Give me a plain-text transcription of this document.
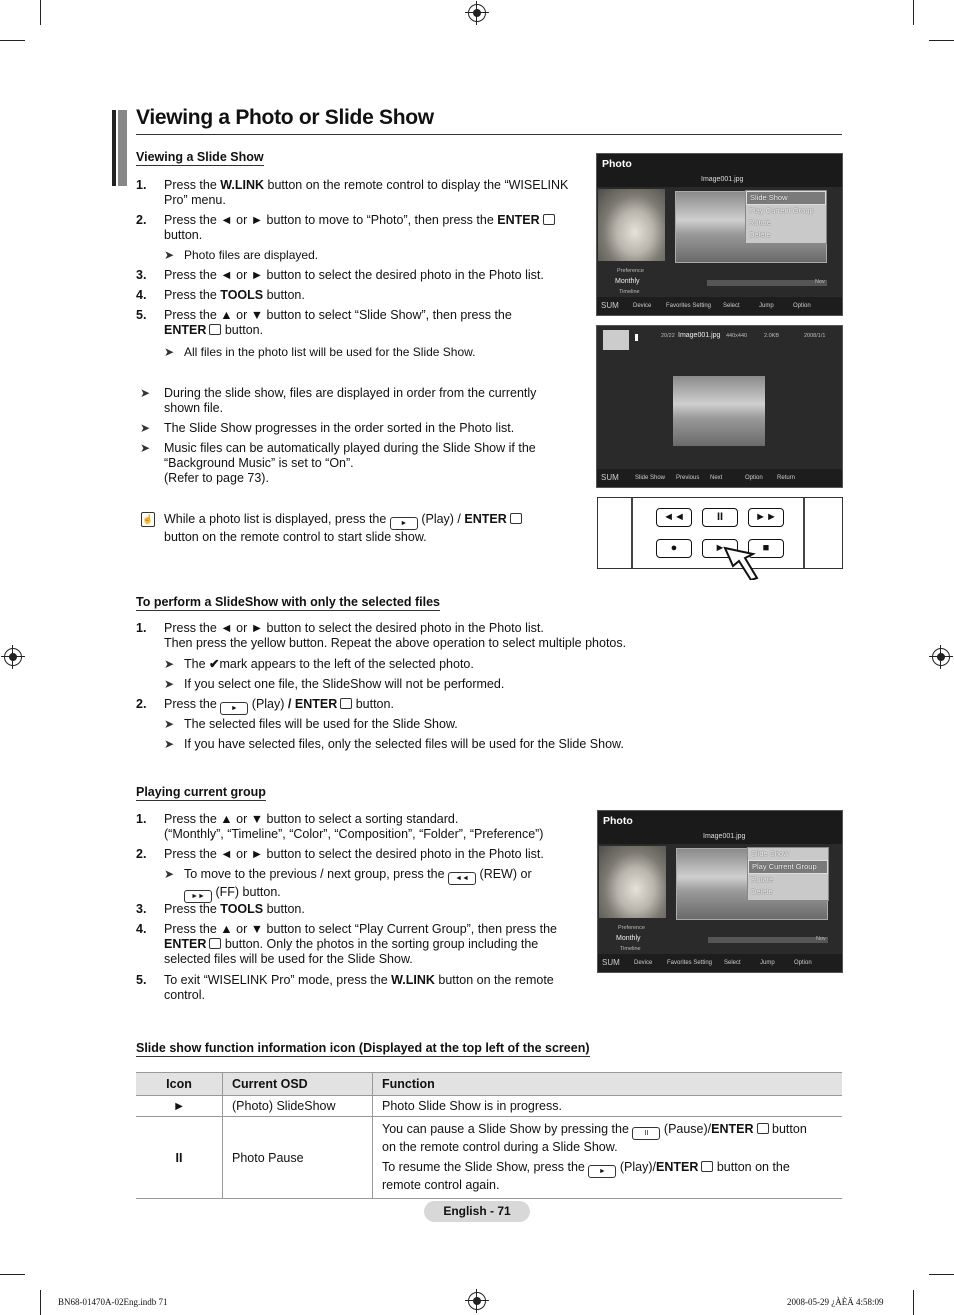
Viewing a Photo or Slide Show
Viewing a Slide Show
1. Press the W.LINK button on the remote control to display the “WISELINK
Pro” menu.
2. Press the ◄ or ► button to move to “Photo”, then press the ENTER
button.
➤ Photo files are displayed.
3. Press the ◄ or ► button to select the desired photo in the Photo list.
4. Press the TOOLS button.
5. Press the ▲ or ▼ button to select “Slide Show”, then press the
ENTER button.
➤ All files in the photo list will be used for the Slide Show.
➤ During the slide show, files are displayed in order from the currently
shown file.
➤ The Slide Show progresses in the order sorted in the Photo list.
➤ Music files can be automatically played during the Slide Show if the
“Background Music” is set to “On”.
(Refer to page 73).
☝ While a photo list is displayed, press the ► (Play) / ENTER
button on the remote control to start slide show.
Photo
Image001.jpg
Slide Show
Play Current Group
Rotate
Delete
Preference
Monthly
Timeline
Nov
SUM Device Favorites Setting Select	Jump	Option
20/22 Image001.jpg 440x440	2.0KB	2008/1/1
SUM	Slide Show Previous Next	Option Return
◄◄	II	►►
●	►	■
To perform a SlideShow with only the selected files
1. Press the ◄ or ► button to select the desired photo in the Photo list.
Then press the yellow button. Repeat the above operation to select multiple photos.
➤ The ✔mark appears to the left of the selected photo.
➤ If you select one file, the SlideShow will not be performed.
2. Press the ► (Play) / ENTER button.
➤ The selected files will be used for the Slide Show.
➤ If you have selected files, only the selected files will be used for the Slide Show.
Playing current group
1. Press the ▲ or ▼ button to select a sorting standard.
(“Monthly”, “Timeline”, “Color”, “Composition”, “Folder”, “Preference”)
2. Press the ◄ or ► button to select the desired photo in the Photo list.
➤ To move to the previous / next group, press the ◄◄ (REW) or
►► (FF) button.
3. Press the TOOLS button.
4. Press the ▲ or ▼ button to select “Play Current Group”, then press the
ENTER button. Only the photos in the sorting group including the
selected files will be used for the Slide Show.
5. To exit “WISELINK Pro” mode, press the W.LINK button on the remote
control.
Photo
Image001.jpg
Slide Show
Play Current Group
Rotate
Delete
Preference
Monthly
Timeline
Nov
SUM Device Favorites Setting Select	Jump	Option
Slide show function information icon (Displayed at the top left of the screen)
Icon	Current OSD	Function
►	(Photo) SlideShow	Photo Slide Show is in progress.
II	Photo Pause	You can pause a Slide Show by pressing the II (Pause)/ENTER button
on the remote control during a Slide Show.
To resume the Slide Show, press the ► (Play)/ENTER button on the
remote control again.
English - 71
BN68-01470A-02Eng.indb 71	2008-05-29 ¿ÀÈÄ 4:58:09
